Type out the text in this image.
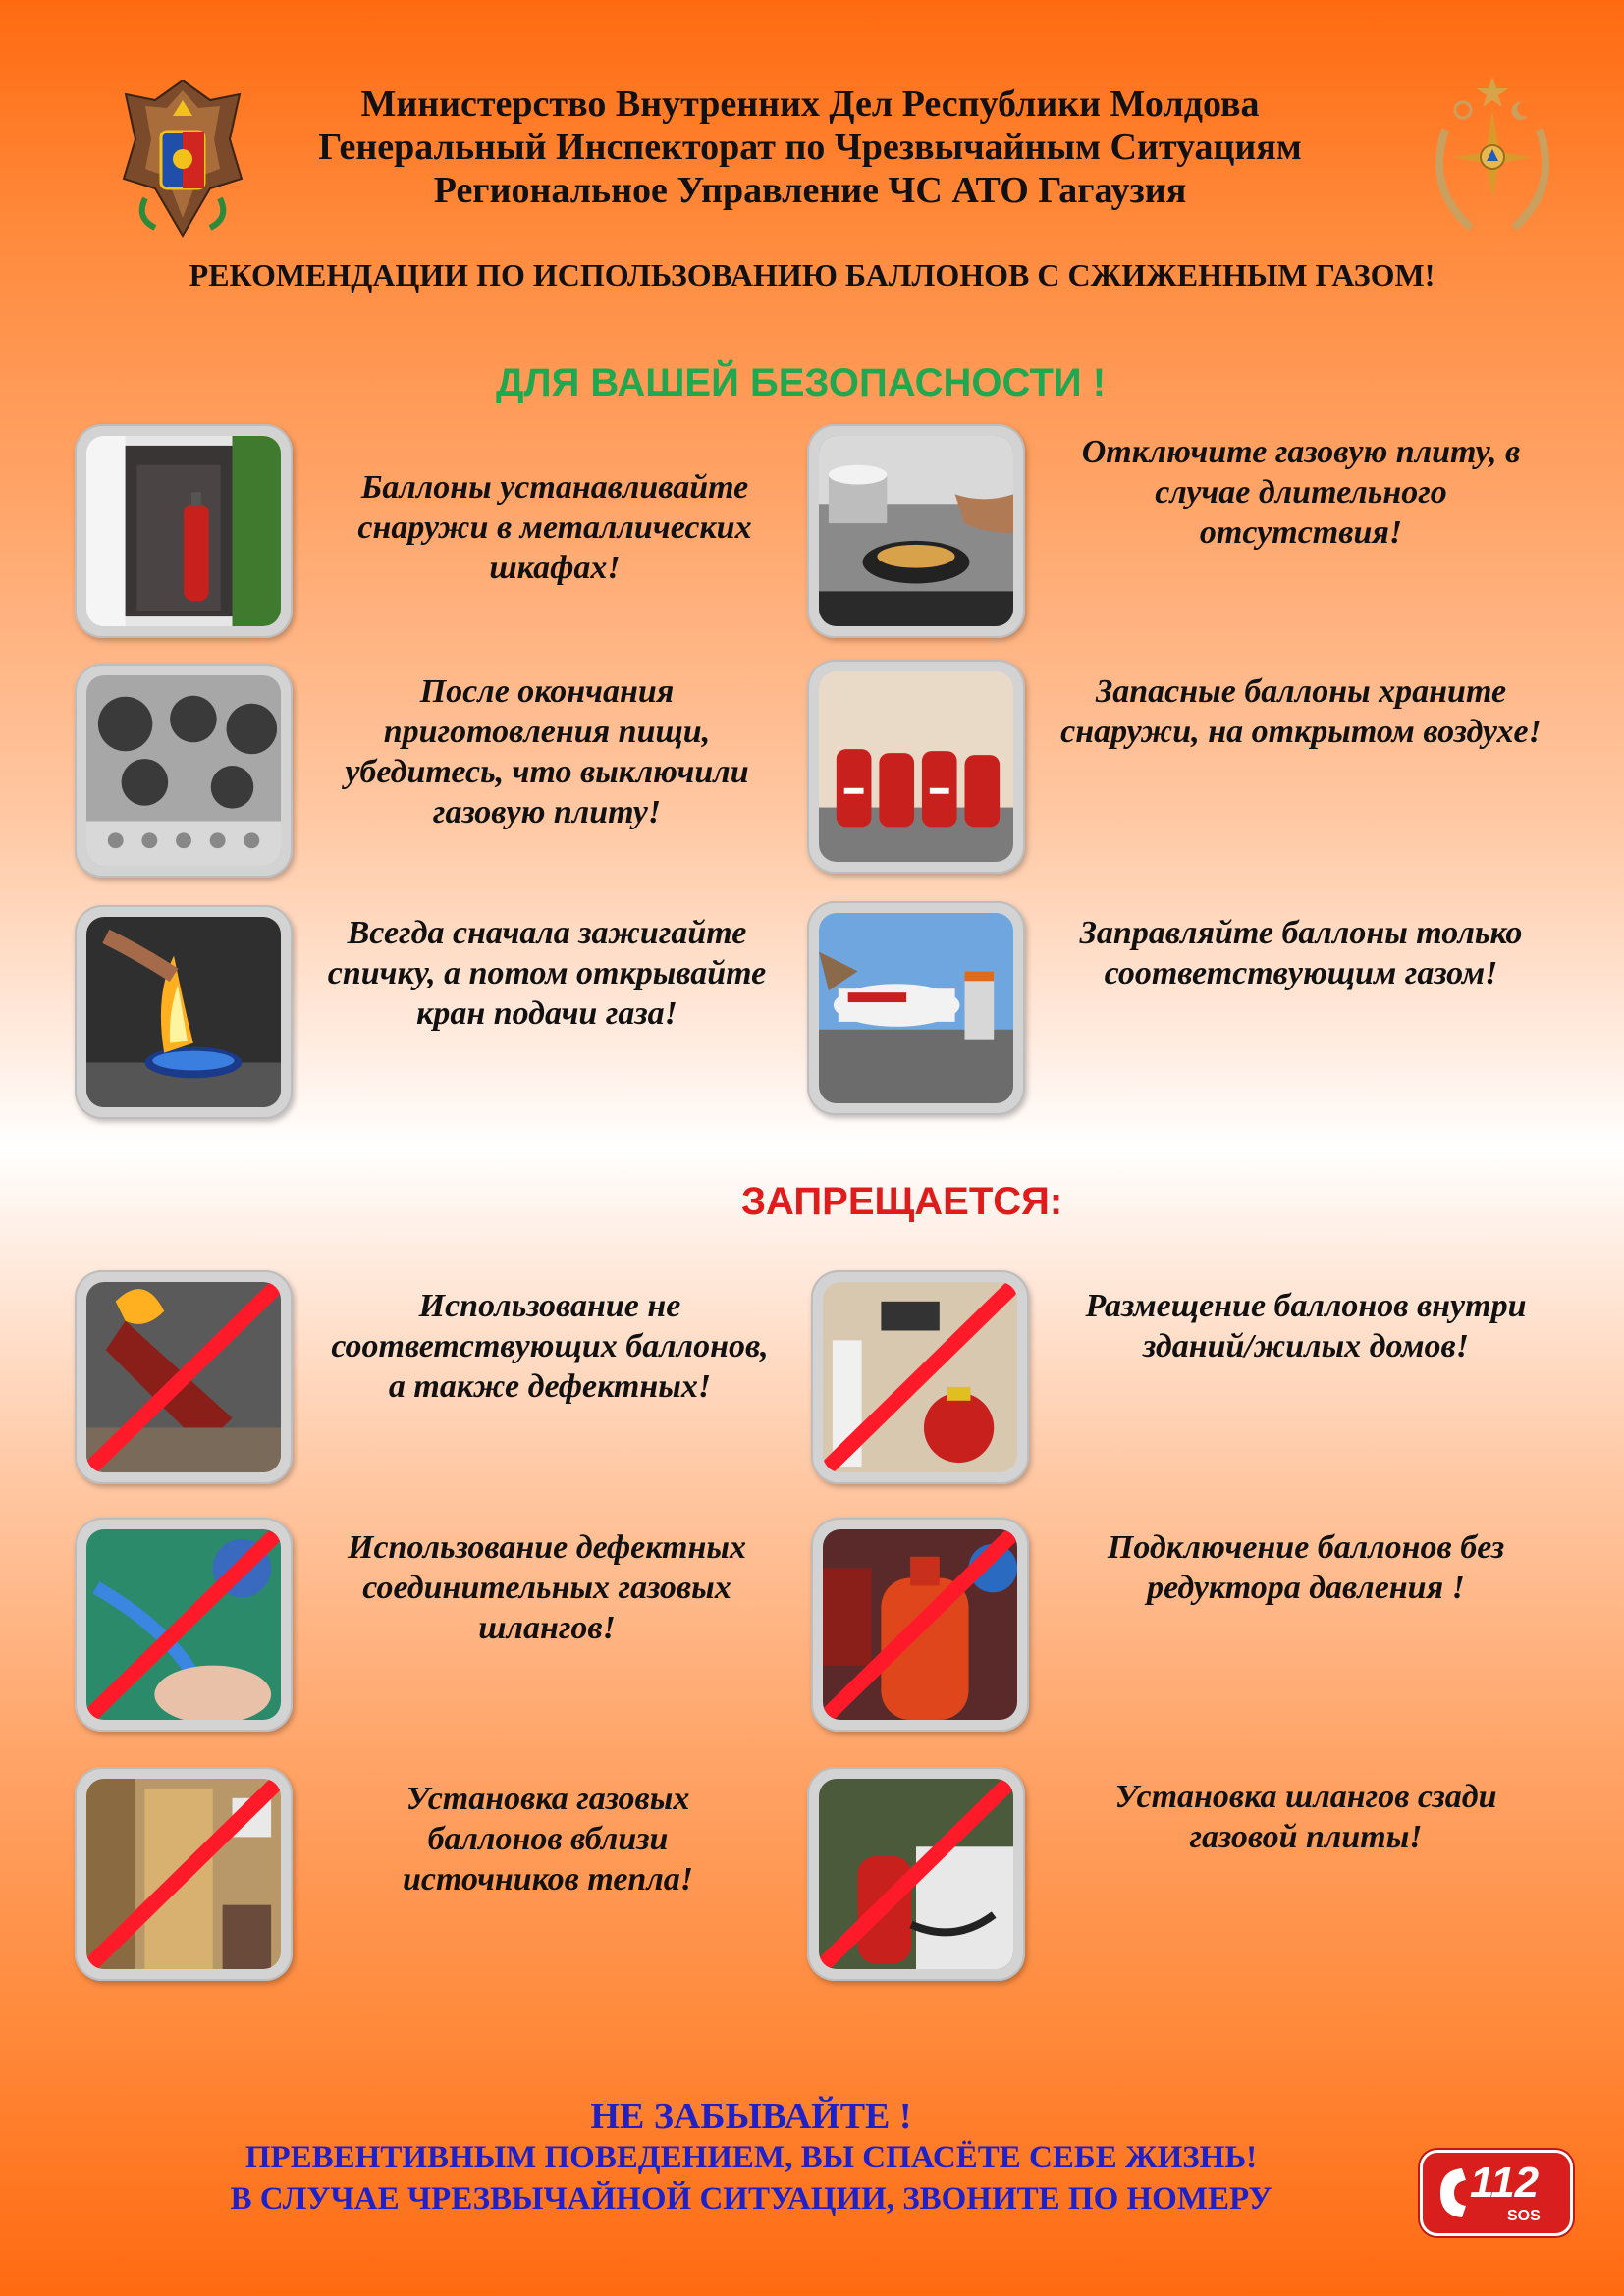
Министерство Внутренних Дел Республики Молдова

Генеральный Инспекторат по Чрезвычайным Ситуациям

Региональное Управление ЧС АТО Гагаузия

РЕКОМЕНДАЦИИ ПО ИСПОЛЬЗОВАНИЮ БАЛЛОНОВ С СЖИЖЕННЫМ ГАЗОМ!

ДЛЯ ВАШЕЙ БЕЗОПАСНОСТИ !

Баллоны устанавливайте снаружи в металлических шкафах!

Отключите газовую плиту, в случае длительного отсутствия!

После окончания приготовления пищи, убедитесь, что выключили газовую плиту!

Запасные баллоны храните снаружи, на открытом воздухе!

Всегда сначала зажигайте спичку, а потом открывайте кран подачи газа!

Заправляйте баллоны только соответствующим газом!

ЗАПРЕЩАЕТСЯ:

Использование не соответствующих баллонов, а также дефектных!

Размещение баллонов внутри зданий/жилых домов!

Использование дефектных соединительных газовых шлангов!

Подключение баллонов без редуктора давления !

Установка газовых баллонов вблизи источников тепла!

Установка шлангов сзади газовой плиты!

НЕ ЗАБЫВАЙТЕ !

ПРЕВЕНТИВНЫМ ПОВЕДЕНИЕМ, ВЫ СПАСЁТЕ СЕБЕ ЖИЗНЬ!

В СЛУЧАЕ ЧРЕЗВЫЧАЙНОЙ СИТУАЦИИ, ЗВОНИТЕ ПО НОМЕРУ	112
SOS
